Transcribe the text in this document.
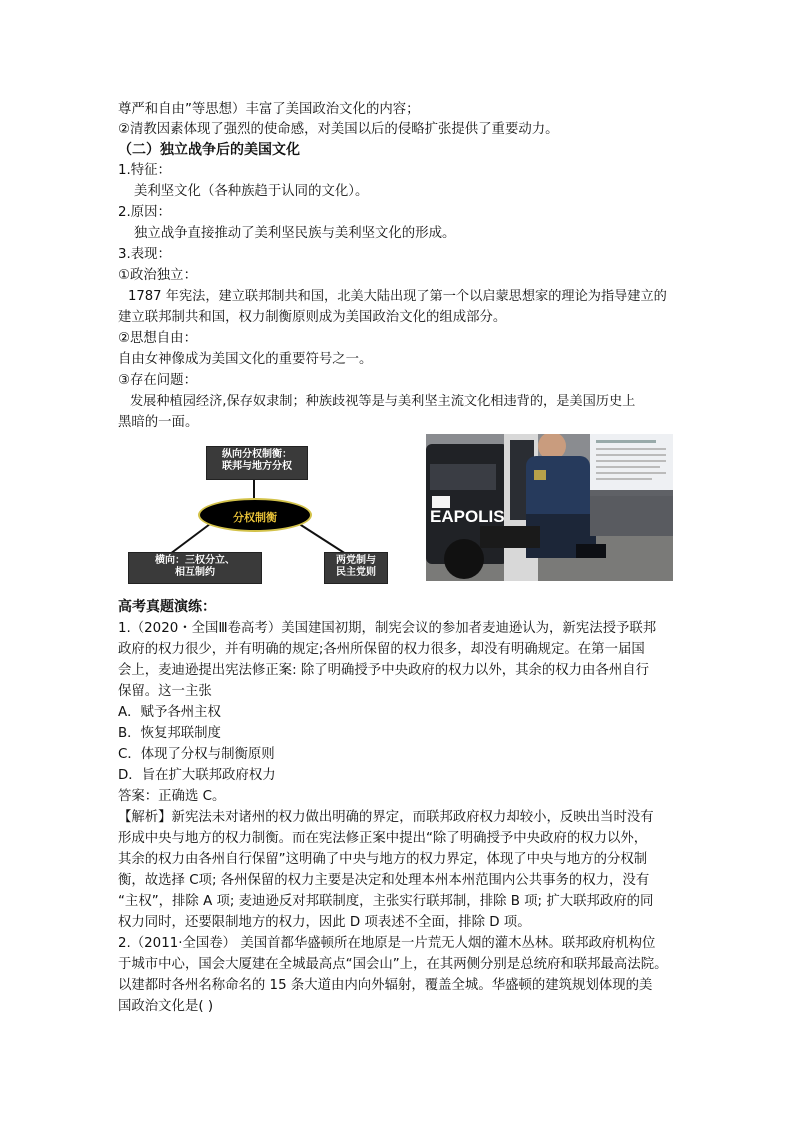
尊严和自由”等思想）丰富了美国政治文化的内容；
②清教因素体现了强烈的使命感，对美国以后的侵略扩张提供了重要动力。
（二）独立战争后的美国文化
1.特征：
美利坚文化（各种族趋于认同的文化）。
2.原因：
独立战争直接推动了美利坚民族与美利坚文化的形成。
3.表现：
①政治独立：
1787 年宪法，建立联邦制共和国，北美大陆出现了第一个以启蒙思想家的理论为指导建立的
建立联邦制共和国，权力制衡原则成为美国政治文化的组成部分。
②思想自由：
自由女神像成为美国文化的重要符号之一。
③存在问题：
发展种植园经济,保存奴隶制；种族歧视等是与美利坚主流文化相违背的，是美国历史上
黑暗的一面。
纵向分权制衡：
联邦与地方分权
分权制衡
横向：三权分立、
相互制约
两党制与
民主党则
EAPOLIS
高考真题演练：
1.（2020・全国Ⅲ卷高考）美国建国初期，制宪会议的参加者麦迪逊认为，新宪法授予联邦
政府的权力很少，并有明确的规定;各州所保留的权力很多，却没有明确规定。在第一届国
会上，麦迪逊提出宪法修正案: 除了明确授予中央政府的权力以外，其余的权力由各州自行
保留。这一主张
A．赋予各州主权
B．恢复邦联制度
C．体现了分权与制衡原则
D．旨在扩大联邦政府权力
答案：正确选 C。
【解析】新宪法未对诸州的权力做出明确的界定，而联邦政府权力却较小，反映出当时没有
形成中央与地方的权力制衡。而在宪法修正案中提出“除了明确授予中央政府的权力以外，
其余的权力由各州自行保留”这明确了中央与地方的权力界定，体现了中央与地方的分权制
衡，故选择 C项; 各州保留的权力主要是决定和处理本州本州范围内公共事务的权力，没有
“主权”，排除 A 项; 麦迪逊反对邦联制度，主张实行联邦制，排除 B 项; 扩大联邦政府的同
权力同时，还要限制地方的权力，因此 D 项表述不全面，排除 D 项。
2.（2011·全国卷） 美国首都华盛顿所在地原是一片荒无人烟的灌木丛林。联邦政府机构位
于城市中心，国会大厦建在全城最高点“国会山”上，在其两侧分别是总统府和联邦最高法院。
以建都时各州名称命名的 15 条大道由内向外辐射，覆盖全城。华盛顿的建筑规划体现的美
国政治文化是( )
